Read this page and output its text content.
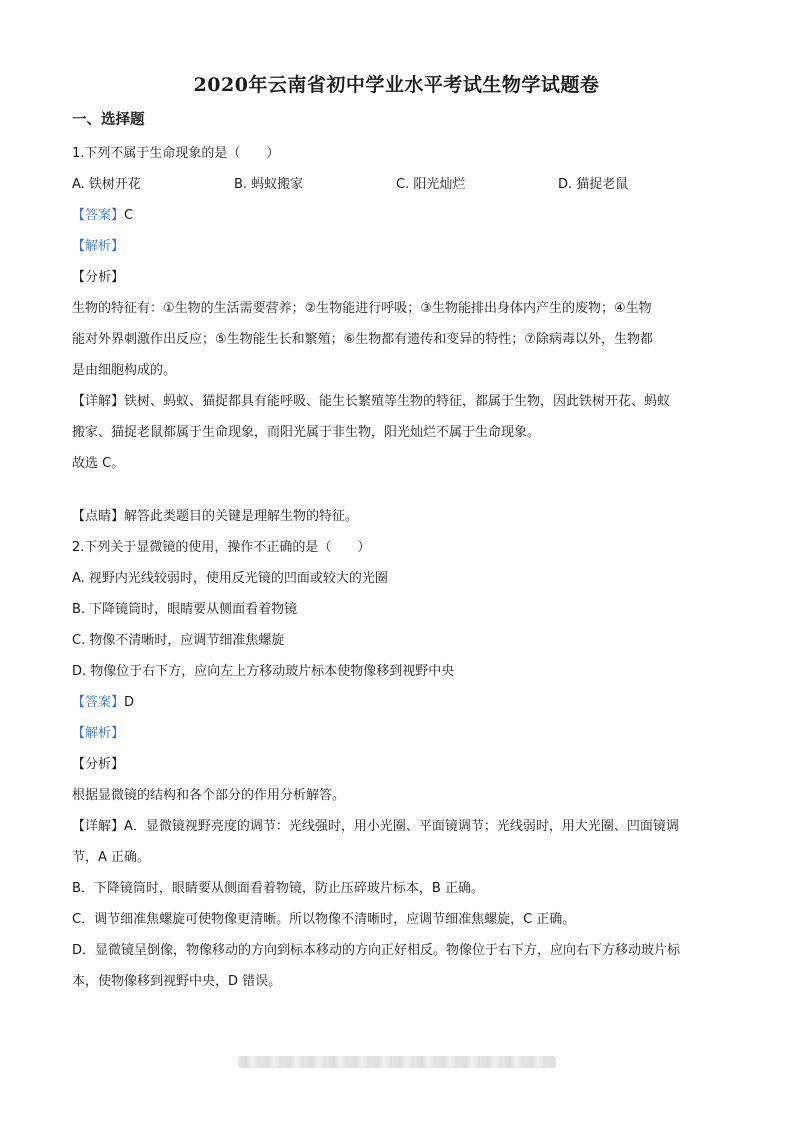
2020年云南省初中学业水平考试生物学试题卷
一、选择题
1.下列不属于生命现象的是（　　）
A. 铁树开花	B. 蚂蚁搬家	C. 阳光灿烂	D. 猫捉老鼠
【答案】C
【解析】
【分析】
生物的特征有：①生物的生活需要营养；②生物能进行呼吸；③生物能排出身体内产生的废物；④生物
能对外界刺激作出反应；⑤生物能生长和繁殖；⑥生物都有遗传和变异的特性；⑦除病毒以外，生物都
是由细胞构成的。
【详解】铁树、蚂蚁、猫捉都具有能呼吸、能生长繁殖等生物的特征，都属于生物，因此铁树开花、蚂蚁
搬家、猫捉老鼠都属于生命现象，而阳光属于非生物，阳光灿烂不属于生命现象。
故选 C。
【点睛】解答此类题目的关键是理解生物的特征。
2.下列关于显微镜的使用，操作不正确的是（　　）
A. 视野内光线较弱时，使用反光镜的凹面或较大的光圈
B. 下降镜筒时，眼睛要从侧面看着物镜
C. 物像不清晰时，应调节细准焦螺旋
D. 物像位于右下方，应向左上方移动玻片标本使物像移到视野中央
【答案】D
【解析】
【分析】
根据显微镜的结构和各个部分的作用分析解答。
【详解】A．显微镜视野亮度的调节：光线强时，用小光圈、平面镜调节；光线弱时，用大光圈、凹面镜调
节，A 正确。
B．下降镜筒时，眼睛要从侧面看着物镜，防止压碎玻片标本，B 正确。
C．调节细准焦螺旋可使物像更清晰。所以物像不清晰时，应调节细准焦螺旋，C 正确。
D．显微镜呈倒像，物像移动的方向到标本移动的方向正好相反。物像位于右下方，应向右下方移动玻片标
本，使物像移到视野中央，D 错误。
